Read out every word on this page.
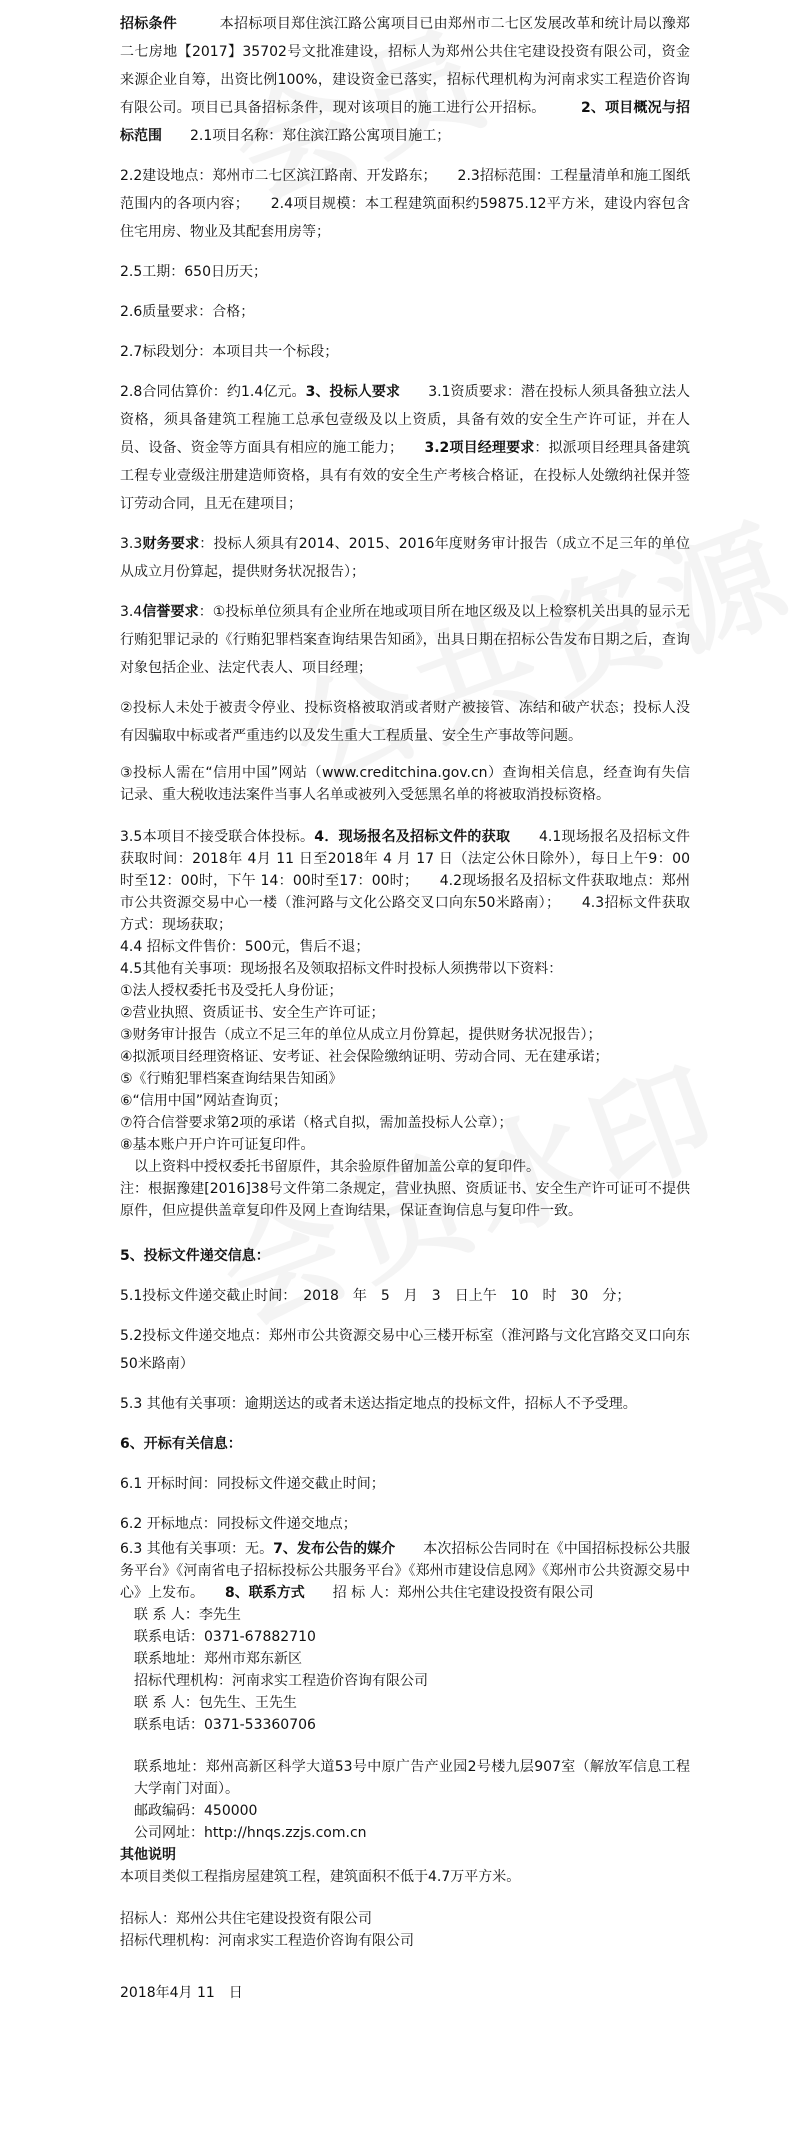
招标条件　　　本招标项目郑住滨江路公寓项目已由郑州市二七区发展改革和统计局以豫郑二七房地【2017】35702号文批准建设，招标人为郑州公共住宅建设投资有限公司，资金来源企业自筹，出资比例100%，建设资金已落实，招标代理机构为河南求实工程造价咨询有限公司。项目已具备招标条件，现对该项目的施工进行公开招标。　　　2、项目概况与招标范围　　2.1项目名称：郑住滨江路公寓项目施工；

2.2建设地点：郑州市二七区滨江路南、开发路东；　　2.3招标范围：工程量清单和施工图纸范围内的各项内容；　　2.4项目规模：本工程建筑面积约59875.12平方米，建设内容包含住宅用房、物业及其配套用房等；

2.5工期：650日历天；

2.6质量要求：合格；

2.7标段划分：本项目共一个标段；

2.8合同估算价：约1.4亿元。3、投标人要求　　3.1资质要求：潜在投标人须具备独立法人资格，须具备建筑工程施工总承包壹级及以上资质，具备有效的安全生产许可证，并在人员、设备、资金等方面具有相应的施工能力；　　3.2项目经理要求：拟派项目经理具备建筑工程专业壹级注册建造师资格，具有有效的安全生产考核合格证，在投标人处缴纳社保并签订劳动合同，且无在建项目；

3.3财务要求：投标人须具有2014、2015、2016年度财务审计报告（成立不足三年的单位从成立月份算起，提供财务状况报告）；

3.4信誉要求：①投标单位须具有企业所在地或项目所在地区级及以上检察机关出具的显示无行贿犯罪记录的《行贿犯罪档案查询结果告知函》，出具日期在招标公告发布日期之后，查询对象包括企业、法定代表人、项目经理；

②投标人未处于被责令停业、投标资格被取消或者财产被接管、冻结和破产状态；投标人没有因骗取中标或者严重违约以及发生重大工程质量、安全生产事故等问题。

③投标人需在“信用中国”网站（www.creditchina.gov.cn）查询相关信息，经查询有失信记录、重大税收违法案件当事人名单或被列入受惩黑名单的将被取消投标资格。

3.5本项目不接受联合体投标。4．现场报名及招标文件的获取　　4.1现场报名及招标文件获取时间：2018年 4月 11 日至2018年 4 月 17 日（法定公休日除外），每日上午9：00 时至12：00时，下午 14：00时至17：00时；　　4.2现场报名及招标文件获取地点：郑州市公共资源交易中心一楼（淮河路与文化公路交叉口向东50米路南）；　　4.3招标文件获取方式：现场获取；

4.4 招标文件售价：500元，售后不退；

4.5其他有关事项：现场报名及领取招标文件时投标人须携带以下资料：

①法人授权委托书及受托人身份证；

②营业执照、资质证书、安全生产许可证；

③财务审计报告（成立不足三年的单位从成立月份算起，提供财务状况报告）；

④拟派项目经理资格证、安考证、社会保险缴纳证明、劳动合同、无在建承诺；

⑤《行贿犯罪档案查询结果告知函》

⑥“信用中国”网站查询页；

⑦符合信誉要求第2项的承诺（格式自拟，需加盖投标人公章）；

⑧基本账户开户许可证复印件。

　以上资料中授权委托书留原件，其余验原件留加盖公章的复印件。

注：根据豫建[2016]38号文件第二条规定，营业执照、资质证书、安全生产许可证可不提供原件，但应提供盖章复印件及网上查询结果，保证查询信息与复印件一致。

5、投标文件递交信息：

5.1投标文件递交截止时间：　2018　年　5　月　3　日上午　10　时　30　分；

5.2投标文件递交地点：郑州市公共资源交易中心三楼开标室（淮河路与文化宫路交叉口向东50米路南）

5.3 其他有关事项：逾期送达的或者未送达指定地点的投标文件，招标人不予受理。

6、开标有关信息：

6.1 开标时间：同投标文件递交截止时间；

6.2 开标地点：同投标文件递交地点；

6.3 其他有关事项：无。7、发布公告的媒介　　本次招标公告同时在《中国招标投标公共服务平台》《河南省电子招标投标公共服务平台》《郑州市建设信息网》《郑州市公共资源交易中心》上发布。　　8、联系方式　　招 标 人：郑州公共住宅建设投资有限公司

联 系 人：李先生

联系电话：0371-67882710

联系地址：郑州市郑东新区

招标代理机构：河南求实工程造价咨询有限公司

联 系 人：包先生、王先生

联系电话：0371-53360706

联系地址：郑州高新区科学大道53号中原广告产业园2号楼九层907室（解放军信息工程大学南门对面）。

邮政编码：450000

公司网址：http://hnqs.zzjs.com.cn

其他说明

本项目类似工程指房屋建筑工程，建筑面积不低于4.7万平方米。

招标人：郑州公共住宅建设投资有限公司

招标代理机构：河南求实工程造价咨询有限公司

2018年4月 11　日
